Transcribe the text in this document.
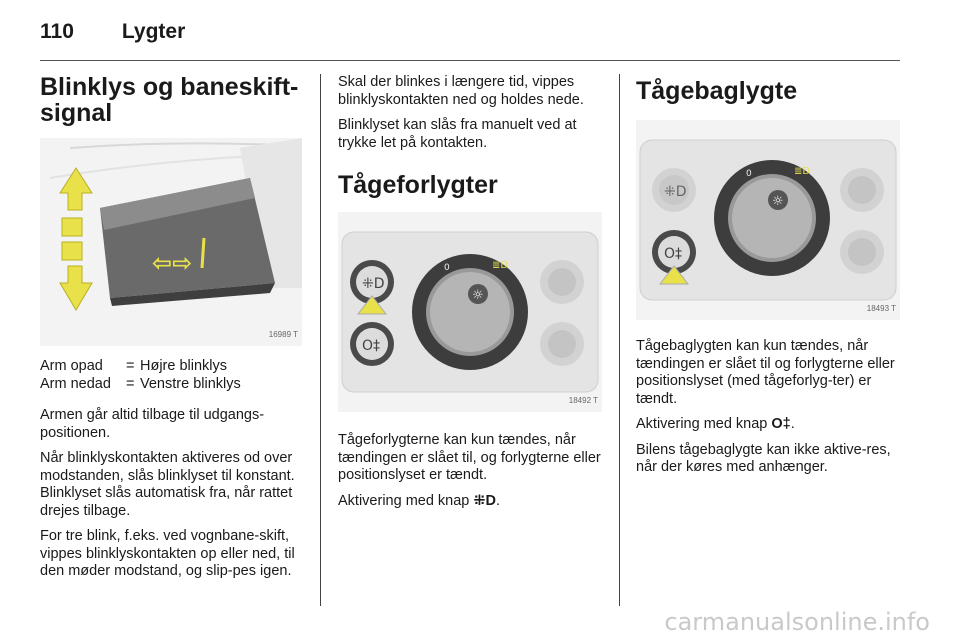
110 Lygter
Blinklys og baneskift-
signal
⇦⇨
16989 T
Arm opad	=	Højre blinklys
Arm nedad	=	Venstre blinklys

Armen går altid tilbage til udgangs-positionen.

Når blinklyskontakten aktiveres od over modstanden, slås blinklyset til konstant. Blinklyset slås automatisk fra, når rattet drejes tilbage.

For tre blink, f.eks. ved vognbane-skift, vippes blinklyskontakten op eller ned, til den møder modstand, og slip-pes igen.

Skal der blinkes i længere tid, vippes blinklyskontakten ned og holdes nede.

Blinklyset kan slås fra manuelt ved at trykke let på kontakten.

Tågeforlygter
⁜D
O‡
☼
0	≣D
18492 T

Tågeforlygterne kan kun tændes, når tændingen er slået til, og forlygterne eller positionslyset er tændt.

Aktivering med knap ⁜D.

Tågebaglygte
⁜D
O‡
☼
0	≣D
18493 T

Tågebaglygten kan kun tændes, når tændingen er slået til og forlygterne eller positionslyset (med tågeforlyg-ter) er tændt.

Aktivering med knap O‡.

Bilens tågebaglygte kan ikke aktive-res, når der køres med anhænger.

carmanualsonline.info
